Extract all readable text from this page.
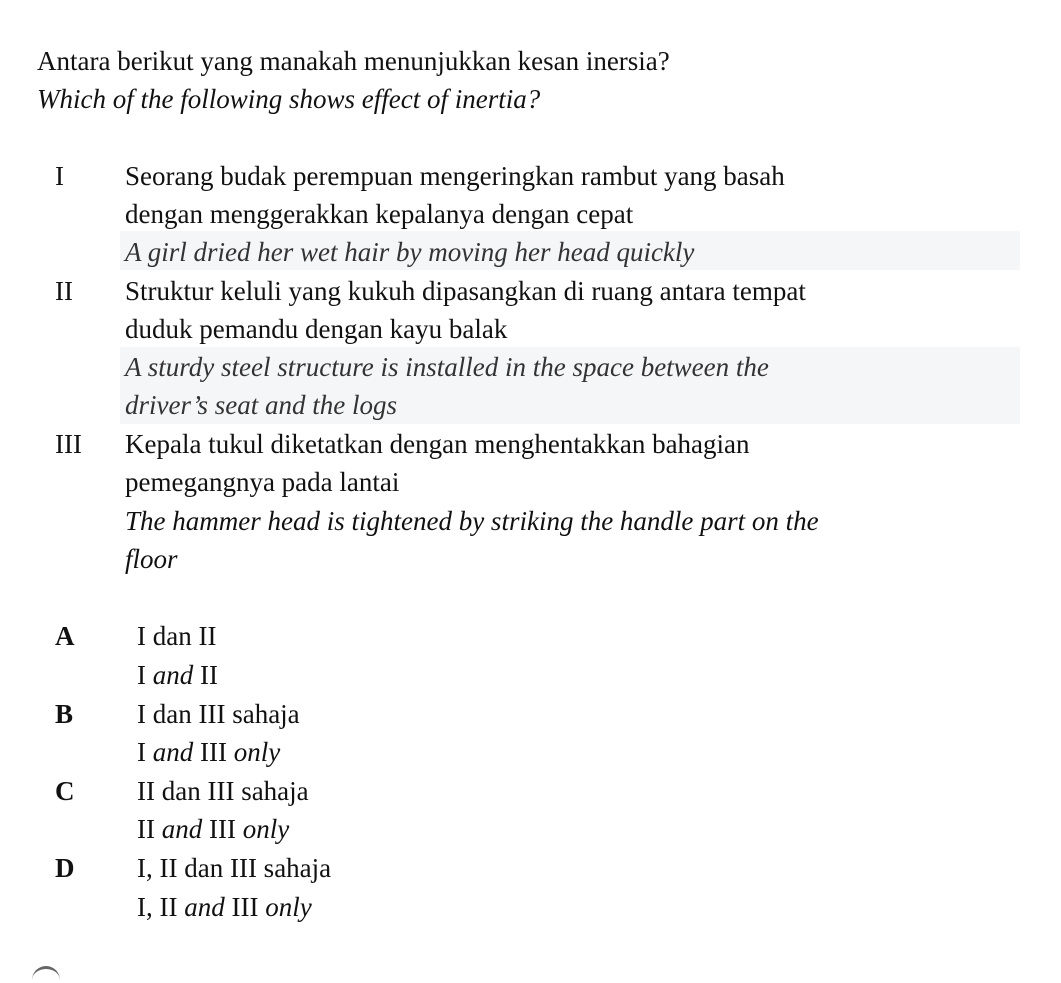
Antara berikut yang manakah menunjukkan kesan inersia?
Which of the following shows effect of inertia?
I Seorang budak perempuan mengeringkan rambut yang basah
dengan menggerakkan kepalanya dengan cepat
A girl dried her wet hair by moving her head quickly
II Struktur keluli yang kukuh dipasangkan di ruang antara tempat
duduk pemandu dengan kayu balak
A sturdy steel structure is installed in the space between the
driver’s seat and the logs
III Kepala tukul diketatkan dengan menghentakkan bahagian
pemegangnya pada lantai
The hammer head is tightened by striking the handle part on the
floor
A I dan II
I and II
B I dan III sahaja
I and III only
C II dan III sahaja
II and III only
D I, II dan III sahaja
I, II and III only
